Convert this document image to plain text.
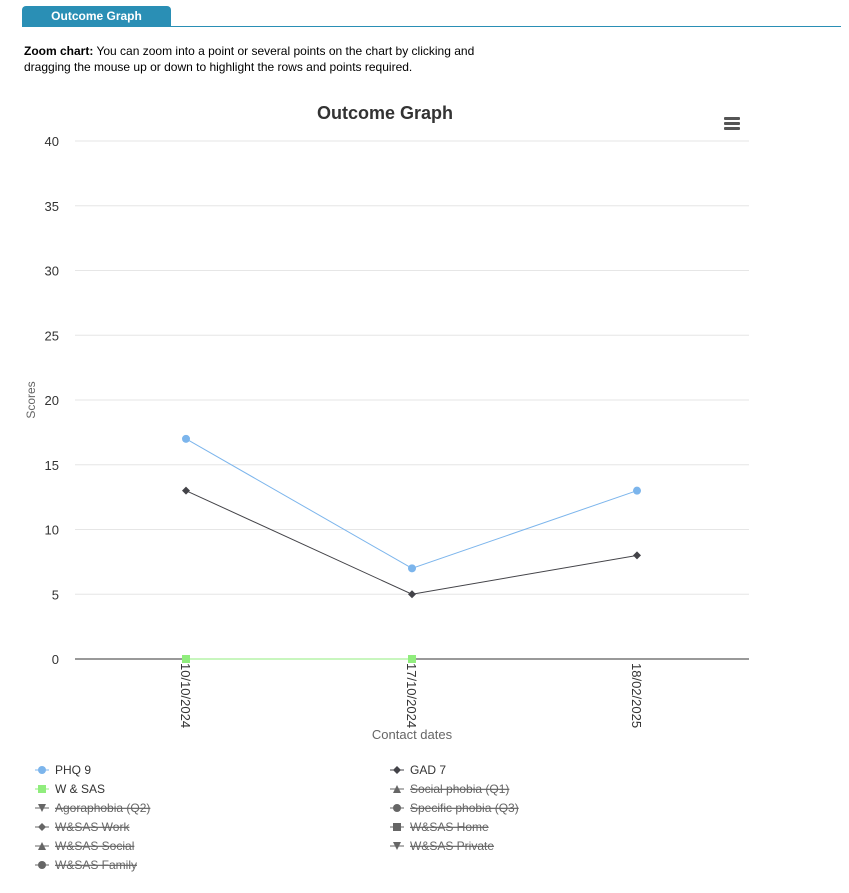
Outcome Graph
Zoom chart: You can zoom into a point or several points on the chart by clicking and dragging the mouse up or down to highlight the rows and points required.
Outcome Graph
0
5
10
15
20
25
30
35
40
10/10/2024	17/10/2024	18/02/2025
Contact dates
Scores
PHQ 9	GAD 7
W & SAS	Social phobia (Q1)
Agoraphobia (Q2)	Specific phobia (Q3)
W&SAS Work	W&SAS Home
W&SAS Social	W&SAS Private
W&SAS Family
